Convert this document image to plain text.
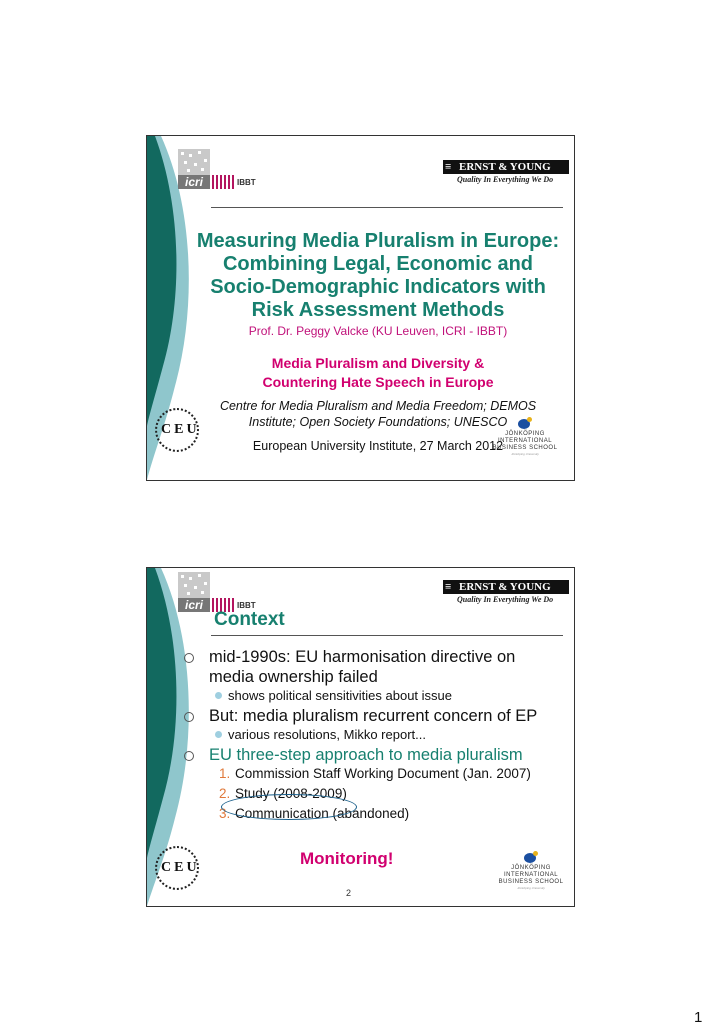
icri	IBBT
≡ ERNST & YOUNG
Quality In Everything We Do
Measuring Media Pluralism in Europe:
Combining Legal, Economic and
Socio-Demographic Indicators with
Risk Assessment Methods
Prof. Dr. Peggy Valcke (KU Leuven, ICRI - IBBT)
Media Pluralism and Diversity &
Countering Hate Speech in Europe
Centre for Media Pluralism and Media Freedom; DEMOS
Institute; Open Society Foundations; UNESCO
European University Institute, 27 March 2012
CEU	JÖNKÖPING INTERNATIONAL
BUSINESS SCHOOL
Jönköping University
icri	IBBT
≡ ERNST & YOUNG
Quality In Everything We Do
Context
mid-1990s: EU harmonisation directive on
media ownership failed
shows political sensitivities about issue
But: media pluralism recurrent concern of EP
various resolutions, Mikko report...
EU three-step approach to media pluralism
1. Commission Staff Working Document (Jan. 2007)
2. Study (2008-2009)
3. Communication (abandoned)
Monitoring!
CEU	JÖNKÖPING INTERNATIONAL
BUSINESS SCHOOL
Jönköping University
2
1
